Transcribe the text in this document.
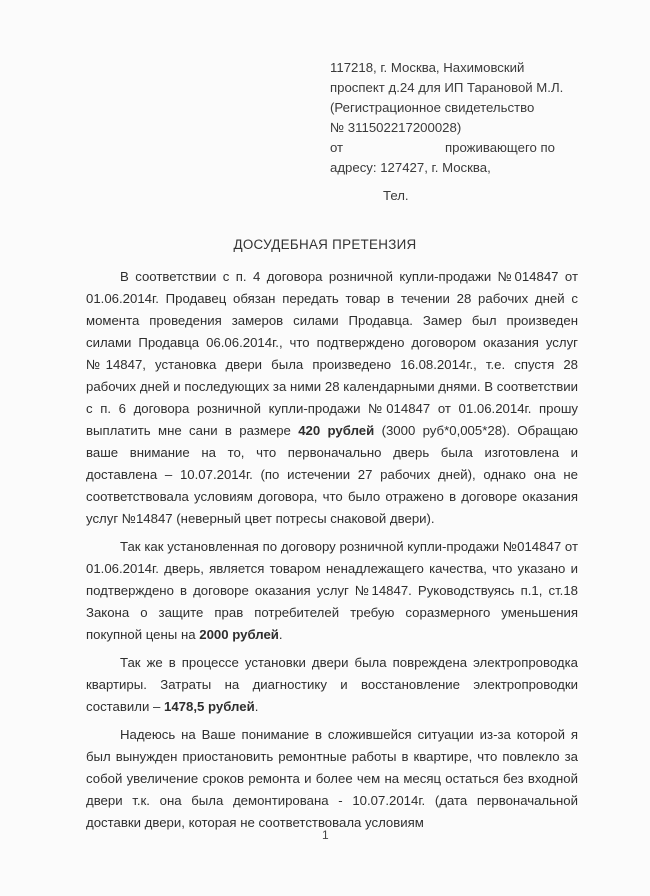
117218, г. Москва, Нахимовский
проспект д.24 для ИП Тарановой М.Л.
(Регистрационное свидетельство
№ 311502217200028)
от	проживающего по
адресу: 127427, г. Москва,
Тел.
ДОСУДЕБНАЯ ПРЕТЕНЗИЯ

В соответствии с п. 4 договора розничной купли-продажи №014847 от 01.06.2014г. Продавец обязан передать товар в течении 28 рабочих дней с момента проведения замеров силами Продавца. Замер был произведен силами Продавца 06.06.2014г., что подтверждено договором оказания услуг №14847, установка двери была произведено 16.08.2014г., т.е. спустя 28 рабочих дней и последующих за ними 28 календарными днями. В соответствии с п. 6 договора розничной купли-продажи №014847 от 01.06.2014г. прошу выплатить мне сани в размере 420 рублей (3000 руб*0,005*28). Обращаю ваше внимание на то, что первоначально дверь была изготовлена и доставлена – 10.07.2014г. (по истечении 27 рабочих дней), однако она не соответствовала условиям договора, что было отражено в договоре оказания услуг №14847 (неверный цвет потресы снаковой двери).

Так как установленная по договору розничной купли-продажи №014847 от 01.06.2014г. дверь, является товаром ненадлежащего качества, что указано и подтверждено в договоре оказания услуг №14847. Руководствуясь п.1, ст.18 Закона о защите прав потребителей требую соразмерного уменьшения покупной цены на 2000 рублей.

Так же в процессе установки двери была повреждена электропроводка квартиры. Затраты на диагностику и восстановление электропроводки составили – 1478,5 рублей.

Надеюсь на Ваше понимание в сложившейся ситуации из-за которой я был вынужден приостановить ремонтные работы в квартире, что повлекло за собой увеличение сроков ремонта и более чем на месяц остаться без входной двери т.к. она была демонтирована - 10.07.2014г. (дата первоначальной доставки двери, которая не соответствовала условиям

1
